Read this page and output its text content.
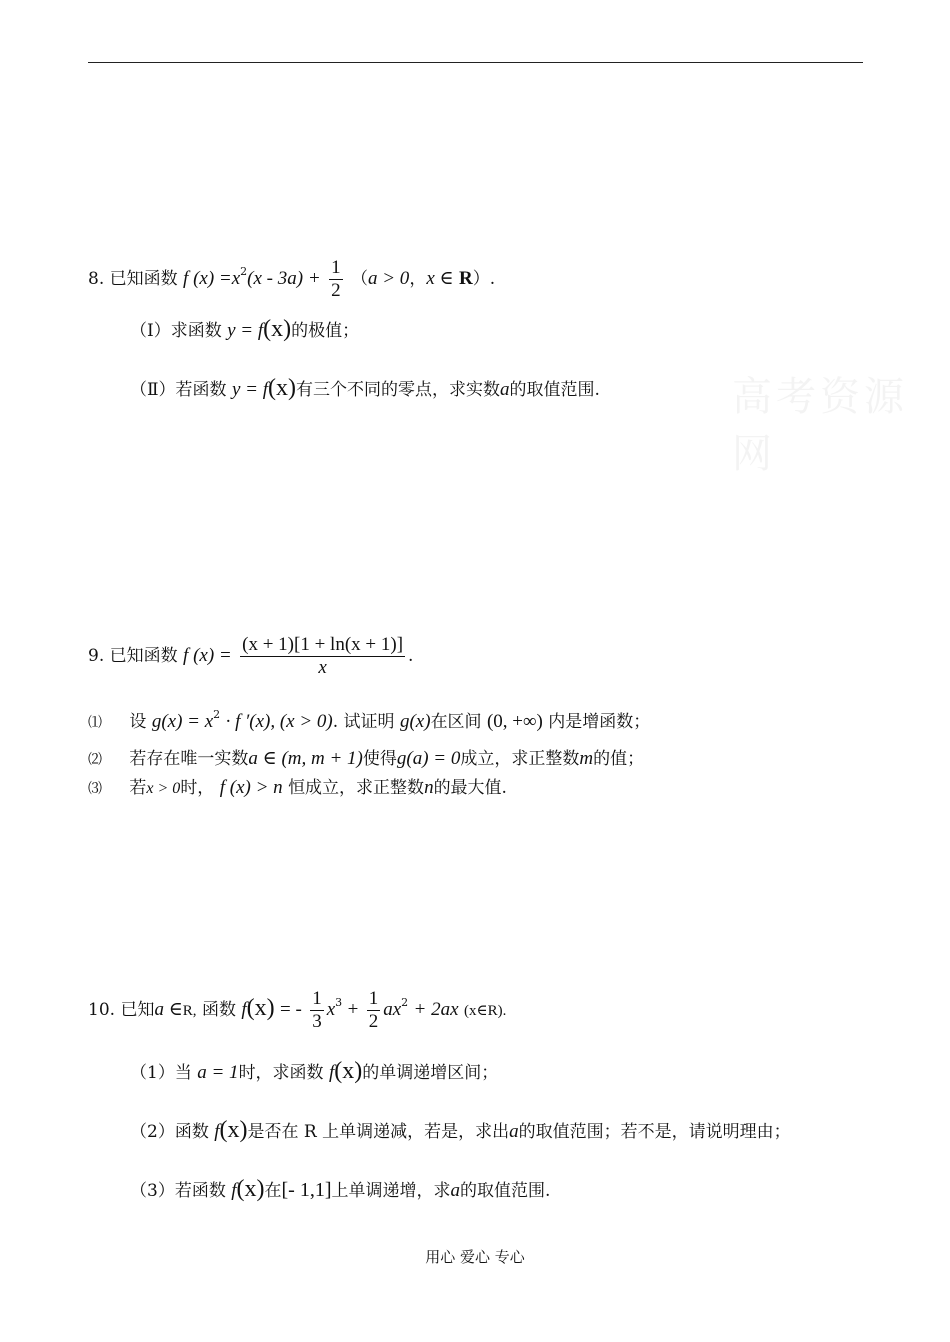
高考资源网
8. 已知函数 f $(x) =x^2(x - 3a) + \frac{1}{2} (a > 0$，x ∈ R）.
（Ⅰ）求函数 y = f(x)的极值；
（Ⅱ）若函数 y = f(x)有三个不同的零点，求实数a的取值范围.
9. 已知函数 f $(x) = \frac{(x + 1)[1 + \ln(x + 1)]}{x}$ .
⑴ 设 $g(x) = x^2 \cdot f$ ′(x), (x > 0). 试证明 g(x)在区间 (0, +∞) 内是增函数；
⑵ 若存在唯一实数a ∈ (m, m + 1)使得g(a) = 0成立，求正整数m的值；
⑶ 若x > 0时， f (x) > n 恒成立，求正整数n的最大值.
10. 已知a ∈R, 函数 f(x) = - $\frac{1}{3} x^3 + \frac{1}{2} ax^2 + 2ax$ (x∈R).
（1）当 a = 1时，求函数 f(x)的单调递增区间；
（2）函数 f(x)是否在 R 上单调递减，若是，求出a的取值范围；若不是，请说明理由；
（3）若函数 f(x)在[- 1,1]上单调递增，求a的取值范围.
用心 爱心 专心
